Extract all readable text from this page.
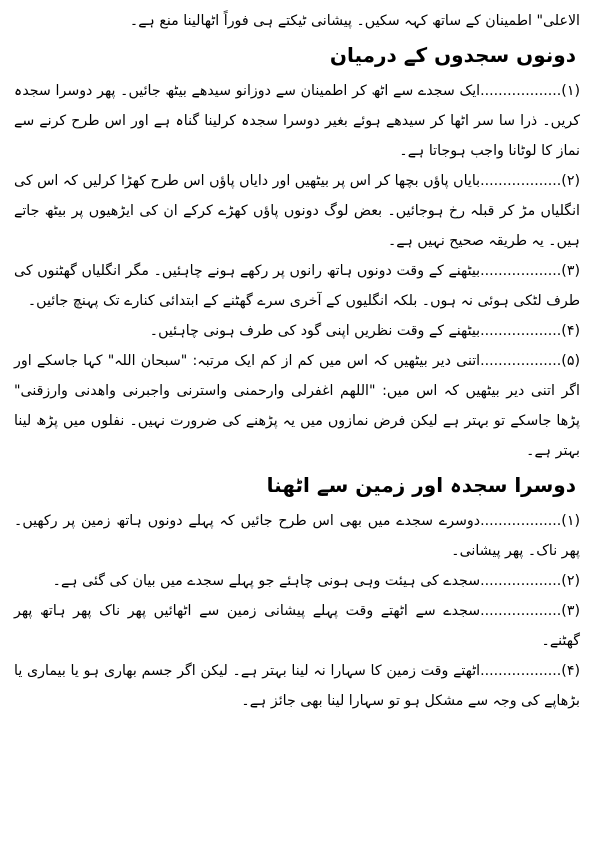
الاعلی" اطمینان کے ساتھ کہہ سکیں۔ پیشانی ٹیکتے ہی فوراً اٹھالینا منع ہے۔

دونوں سجدوں کے درمیان

(۱)..................ایک سجدے سے اٹھ کر اطمینان سے دوزانو سیدھے بیٹھ جائیں۔ پھر دوسرا سجدہ کریں۔ ذرا سا سر اٹھا کر سیدھے ہوئے بغیر دوسرا سجدہ کرلینا گناہ ہے اور اس طرح کرنے سے نماز کا لوٹانا واجب ہوجاتا ہے۔

(۲)..................بایاں پاؤں بچھا کر اس پر بیٹھیں اور دایاں پاؤں اس طرح کھڑا کرلیں کہ اس کی انگلیاں مڑ کر قبلہ رخ ہوجائیں۔ بعض لوگ دونوں پاؤں کھڑے کرکے ان کی ایڑھیوں پر بیٹھ جاتے ہیں۔ یہ طریقہ صحیح نہیں ہے۔

(۳)..................بیٹھنے کے وقت دونوں ہاتھ رانوں پر رکھے ہونے چاہئیں۔ مگر انگلیاں گھٹنوں کی طرف لٹکی ہوئی نہ ہوں۔ بلکہ انگلیوں کے آخری سرے گھٹنے کے ابتدائی کنارے تک پہنچ جائیں۔

(۴)..................بیٹھنے کے وقت نظریں اپنی گود کی طرف ہونی چاہئیں۔

(۵)..................اتنی دیر بیٹھیں کہ اس میں کم از کم ایک مرتبہ: "سبحان اللہ" کہا جاسکے اور اگر اتنی دیر بیٹھیں کہ اس میں: "اللھم اغفرلی وارحمنی واسترنی واجبرنی واھدنی وارزقنی" پڑھا جاسکے تو بہتر ہے لیکن فرض نمازوں میں یہ پڑھنے کی ضرورت نہیں۔ نفلوں میں پڑھ لینا بہتر ہے۔

دوسرا سجدہ اور زمین سے اٹھنا

(۱)..................دوسرے سجدے میں بھی اس طرح جائیں کہ پہلے دونوں ہاتھ زمین پر رکھیں۔ پھر ناک۔ پھر پیشانی۔

(۲)..................سجدے کی ہیئت وہی ہونی چاہئے جو پہلے سجدے میں بیان کی گئی ہے۔

(۳)..................سجدے سے اٹھتے وقت پہلے پیشانی زمین سے اٹھائیں پھر ناک پھر ہاتھ پھر گھٹنے۔

(۴)..................اٹھتے وقت زمین کا سہارا نہ لینا بہتر ہے۔ لیکن اگر جسم بھاری ہو یا بیماری یا بڑھاپے کی وجہ سے مشکل ہو تو سہارا لینا بھی جائز ہے۔
